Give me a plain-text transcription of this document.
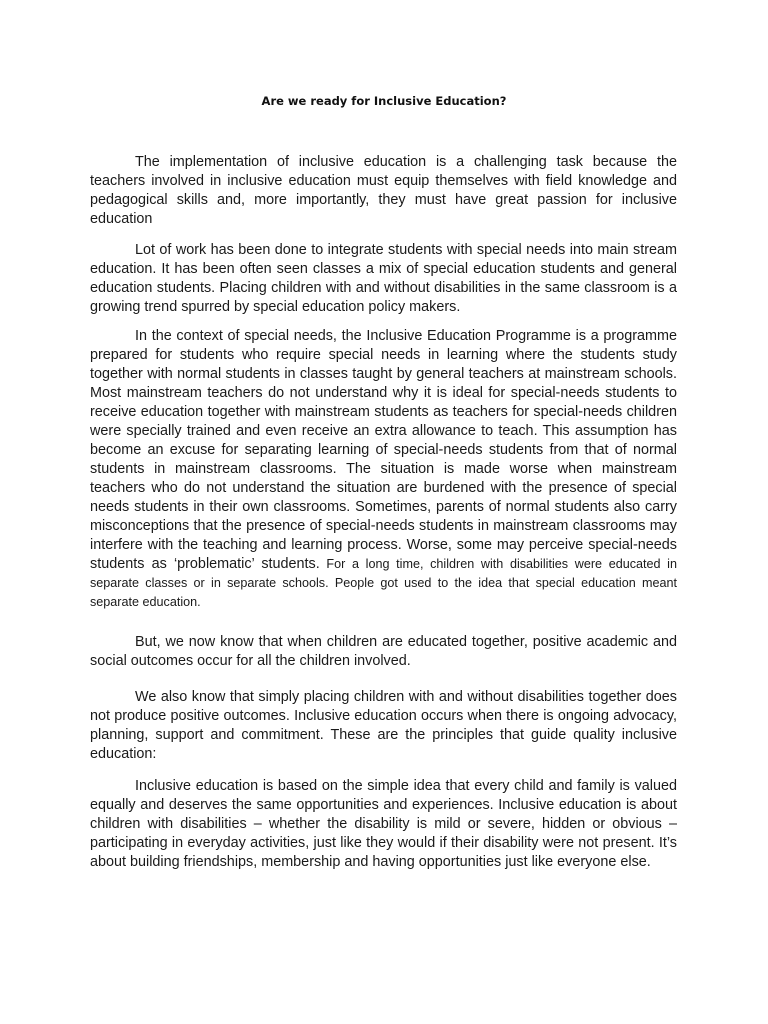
Are we ready for Inclusive Education?

The implementation of inclusive education is a challenging task because the teachers involved in inclusive education must equip themselves with field knowledge and pedagogical skills and, more importantly, they must have great passion for inclusive education

Lot of work has been done to integrate students with special needs into main stream education. It has been often seen classes a mix of special education students and general education students. Placing children with and without disabilities in the same classroom is a growing trend spurred by special education policy makers.

In the context of special needs, the Inclusive Education Programme is a programme prepared for students who require special needs in learning where the students study together with normal students in classes taught by general teachers at mainstream schools. Most mainstream teachers do not understand why it is ideal for special-needs students to receive education together with mainstream students as teachers for special-needs children were specially trained and even receive an extra allowance to teach. This assumption has become an excuse for separating learning of special-needs students from that of normal students in mainstream classrooms. The situation is made worse when mainstream teachers who do not understand the situation are burdened with the presence of special needs students in their own classrooms. Sometimes, parents of normal students also carry misconceptions that the presence of special-needs students in mainstream classrooms may interfere with the teaching and learning process. Worse, some may perceive special-needs students as ‘problematic’ students. For a long time, children with disabilities were educated in separate classes or in separate schools. People got used to the idea that special education meant separate education.

But, we now know that when children are educated together, positive academic and social outcomes occur for all the children involved.

We also know that simply placing children with and without disabilities together does not produce positive outcomes. Inclusive education occurs when there is ongoing advocacy, planning, support and commitment. These are the principles that guide quality inclusive education:

Inclusive education is based on the simple idea that every child and family is valued equally and deserves the same opportunities and experiences. Inclusive education is about children with disabilities – whether the disability is mild or severe, hidden or obvious – participating in everyday activities, just like they would if their disability were not present. It’s about building friendships, membership and having opportunities just like everyone else.
